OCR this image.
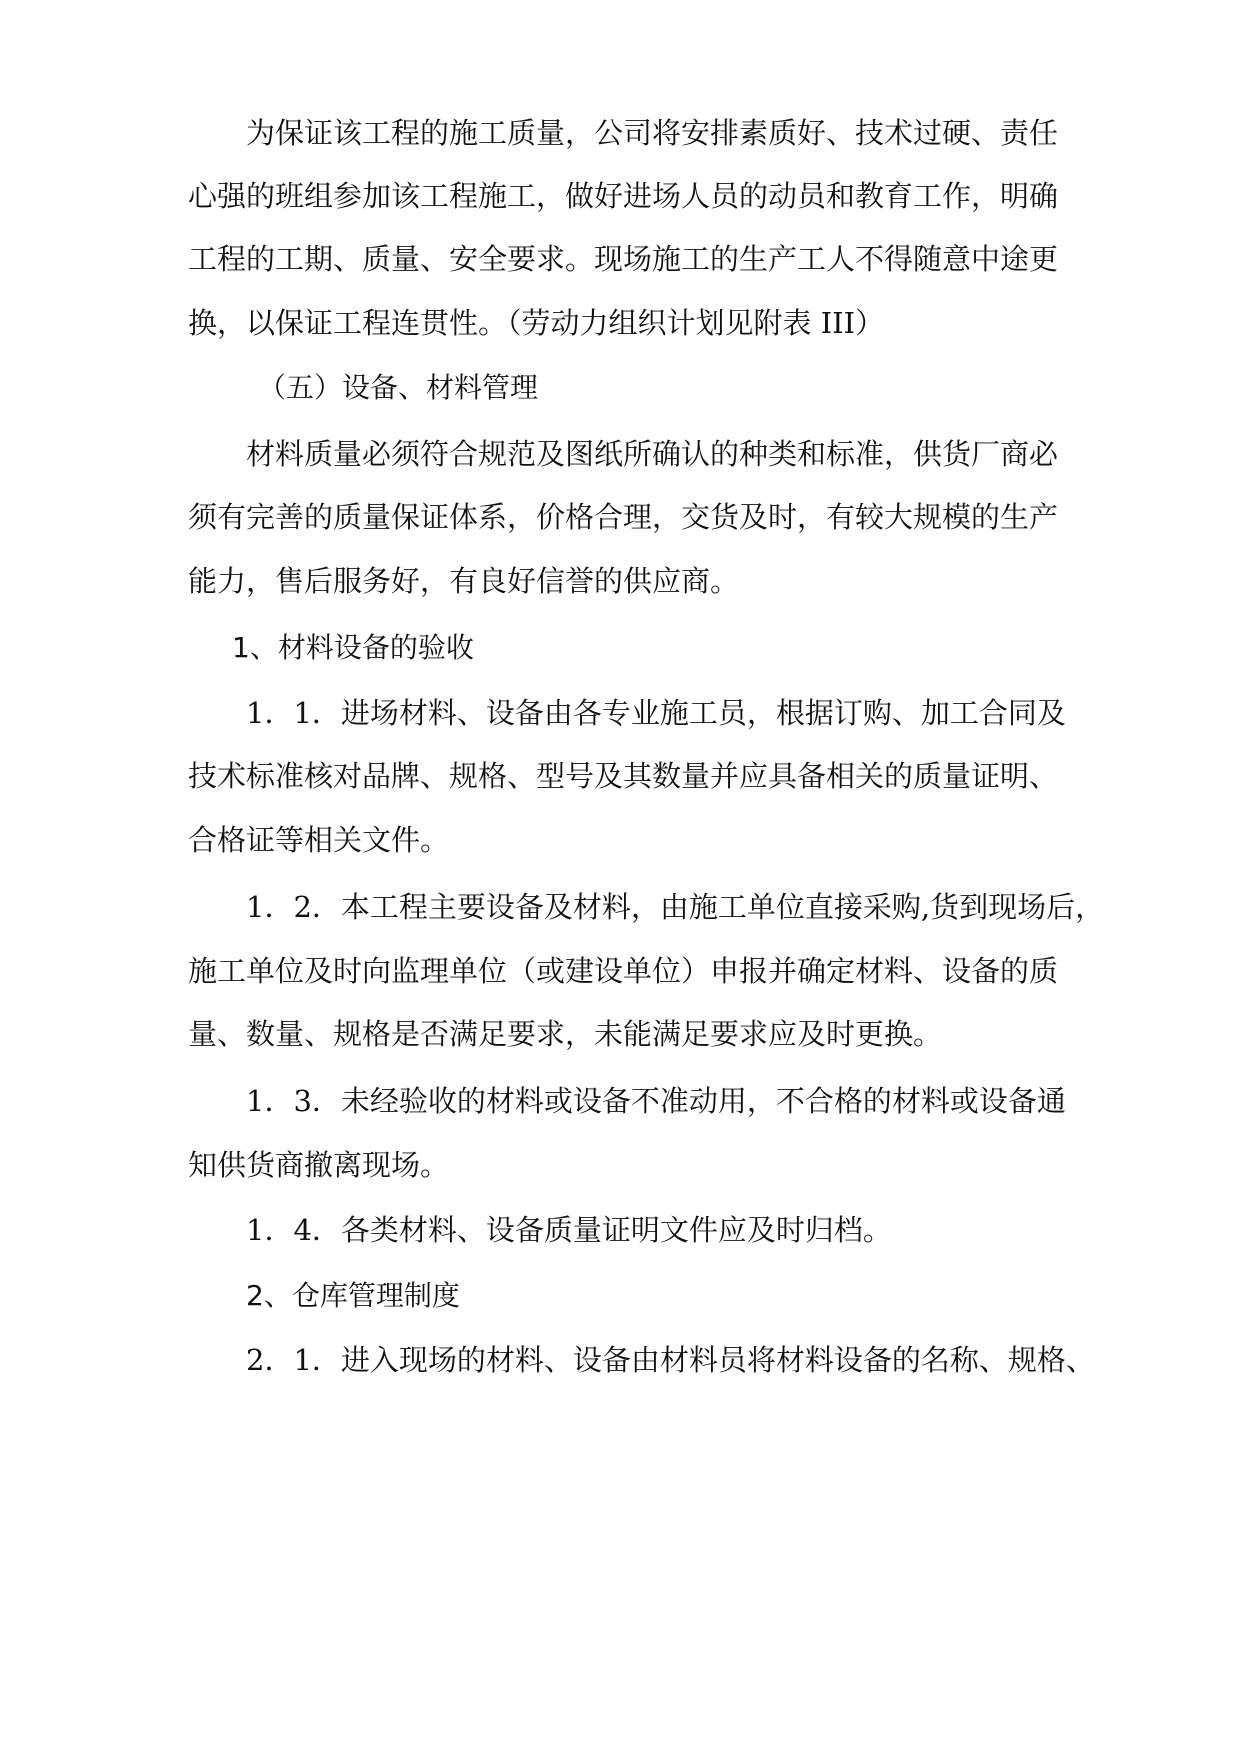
为保证该工程的施工质量，公司将安排素质好、技术过硬、责任
心强的班组参加该工程施工，做好进场人员的动员和教育工作，明确
工程的工期、质量、安全要求。现场施工的生产工人不得随意中途更
换，以保证工程连贯性。（劳动力组织计划见附表 III）
（五）设备、材料管理
材料质量必须符合规范及图纸所确认的种类和标准，供货厂商必
须有完善的质量保证体系，价格合理，交货及时，有较大规模的生产
能力，售后服务好，有良好信誉的供应商。
1、材料设备的验收
1．1．进场材料、设备由各专业施工员，根据订购、加工合同及
技术标准核对品牌、规格、型号及其数量并应具备相关的质量证明、
合格证等相关文件。
1．2．本工程主要设备及材料，由施工单位直接采购,货到现场后，
施工单位及时向监理单位（或建设单位）申报并确定材料、设备的质
量、数量、规格是否满足要求，未能满足要求应及时更换。
1．3．未经验收的材料或设备不准动用，不合格的材料或设备通
知供货商撤离现场。
1．4．各类材料、设备质量证明文件应及时归档。
2、仓库管理制度
2．1．进入现场的材料、设备由材料员将材料设备的名称、规格、
